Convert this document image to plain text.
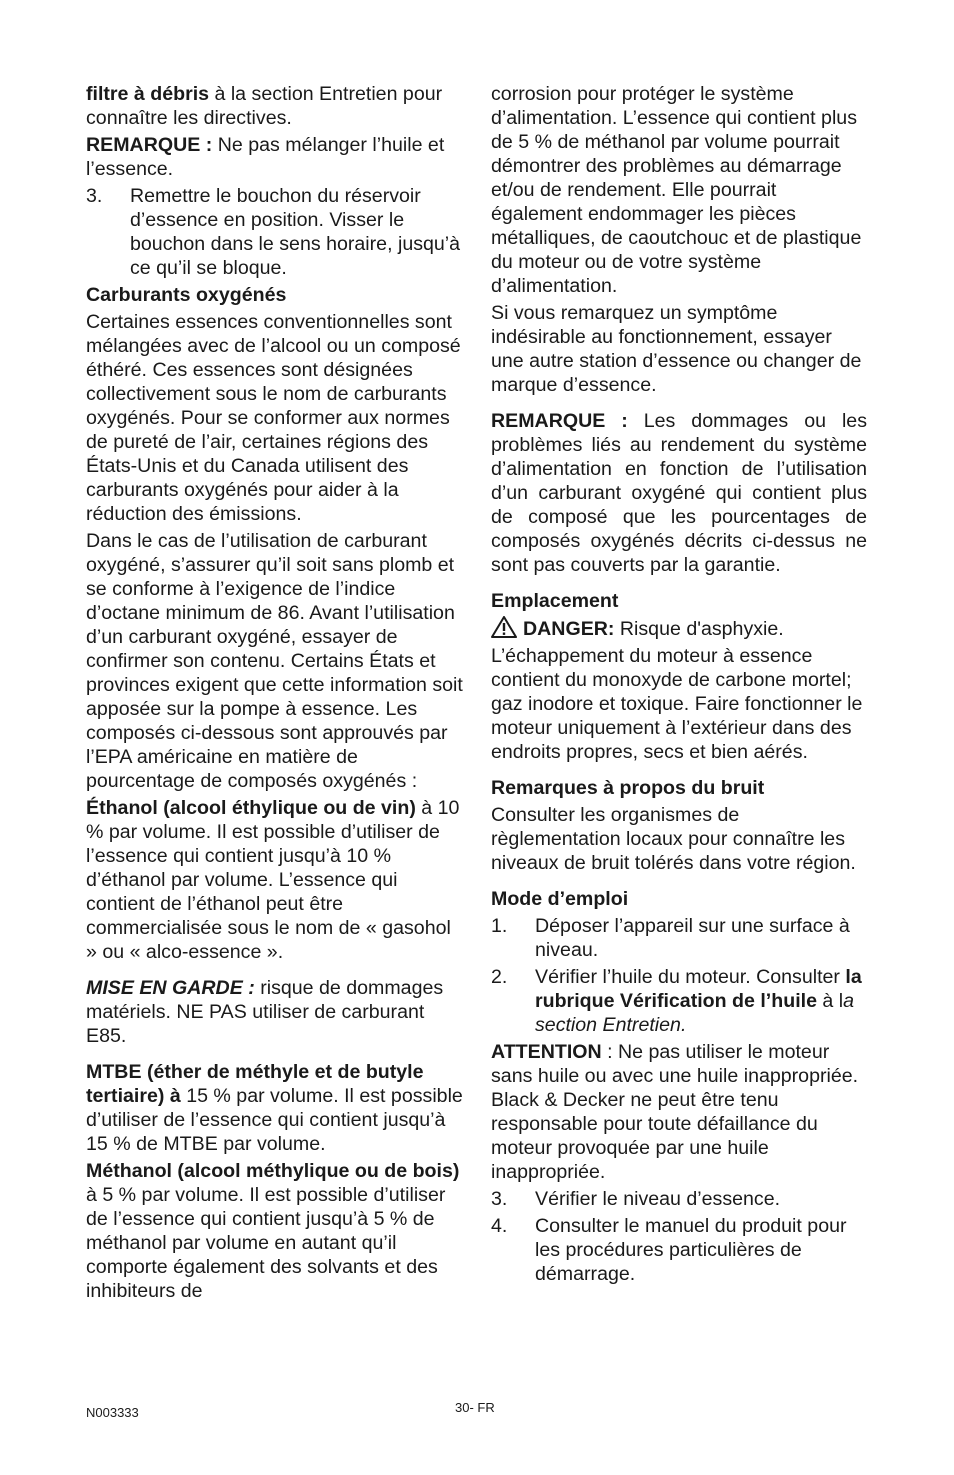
filtre à débris à la section Entretien pour connaître les directives.

REMARQUE : Ne pas mélanger l’huile et l’essence.

3.	Remettre le bouchon du réservoir d’essence en position. Visser le bouchon dans le sens horaire, jusqu’à ce qu’il se bloque.
Carburants oxygénés

Certaines essences conventionnelles sont mélangées avec de l’alcool ou un composé éthéré. Ces essences sont désignées collectivement sous le nom de carburants oxygénés. Pour se conformer aux normes de pureté de l’air, certaines régions des États-Unis et du Canada utilisent des carburants oxygénés pour aider à la réduction des émissions.

Dans le cas de l’utilisation de carburant oxygéné, s’assurer qu’il soit sans plomb et se conforme à l’exigence de l’indice d’octane minimum de 86. Avant l’utilisation d’un carburant oxygéné, essayer de confirmer son contenu. Certains États et provinces exigent que cette information soit apposée sur la pompe à essence. Les composés ci-dessous sont approuvés par l’EPA américaine en matière de pourcentage de composés oxygénés :

Éthanol (alcool éthylique ou de vin) à 10 % par volume. Il est possible d’utiliser de l’essence qui contient jusqu’à 10 % d’éthanol par volume. L’essence qui contient de l’éthanol peut être commercialisée sous le nom de « gasohol » ou « alco-essence ».

MISE EN GARDE : risque de dommages matériels. NE PAS utiliser de carburant E85.

MTBE (éther de méthyle et de butyle tertiaire) à 15 % par volume. Il est possible d’utiliser de l’essence qui contient jusqu’à 15 % de MTBE par volume.

Méthanol (alcool méthylique ou de bois) à 5 % par volume. Il est possible d’utiliser de l’essence qui contient jusqu’à 5 % de méthanol par volume en autant qu’il comporte également des solvants et des inhibiteurs de

corrosion pour protéger le système d’alimentation. L’essence qui contient plus de 5 % de méthanol par volume pourrait démontrer des problèmes au démarrage et/ou de rendement. Elle pourrait également endommager les pièces métalliques, de caoutchouc et de plastique du moteur ou de votre système d’alimentation.

Si vous remarquez un symptôme indésirable au fonctionnement, essayer une autre station d’essence ou changer de marque d’essence.

REMARQUE : Les dommages ou les problèmes liés au rendement du système d’alimentation en fonction de l’utilisation d’un carburant oxygéné qui contient plus de composé que les pourcentages de composés oxygénés décrits ci-dessus ne sont pas couverts par la garantie.

Emplacement

DANGER: Risque d'asphyxie. L’échappement du moteur à essence contient du monoxyde de carbone mortel; gaz inodore et toxique. Faire fonctionner le moteur uniquement à l’extérieur dans des endroits propres, secs et bien aérés.

Remarques à propos du bruit

Consulter les organismes de règlementation locaux pour connaître les niveaux de bruit tolérés dans votre région.

Mode d’emploi
1.	Déposer l’appareil sur une surface à niveau.
2.	Vérifier l’huile du moteur. Consulter la rubrique Vérification de l’huile à la section Entretien.

ATTENTION : Ne pas utiliser le moteur sans huile ou avec une huile inappropriée. Black & Decker ne peut être tenu responsable pour toute défaillance du moteur provoquée par une huile inappropriée.

3.	Vérifier le niveau d’essence.
4.	Consulter le manuel du produit pour les procédures particulières de démarrage.
N003333	30- FR
